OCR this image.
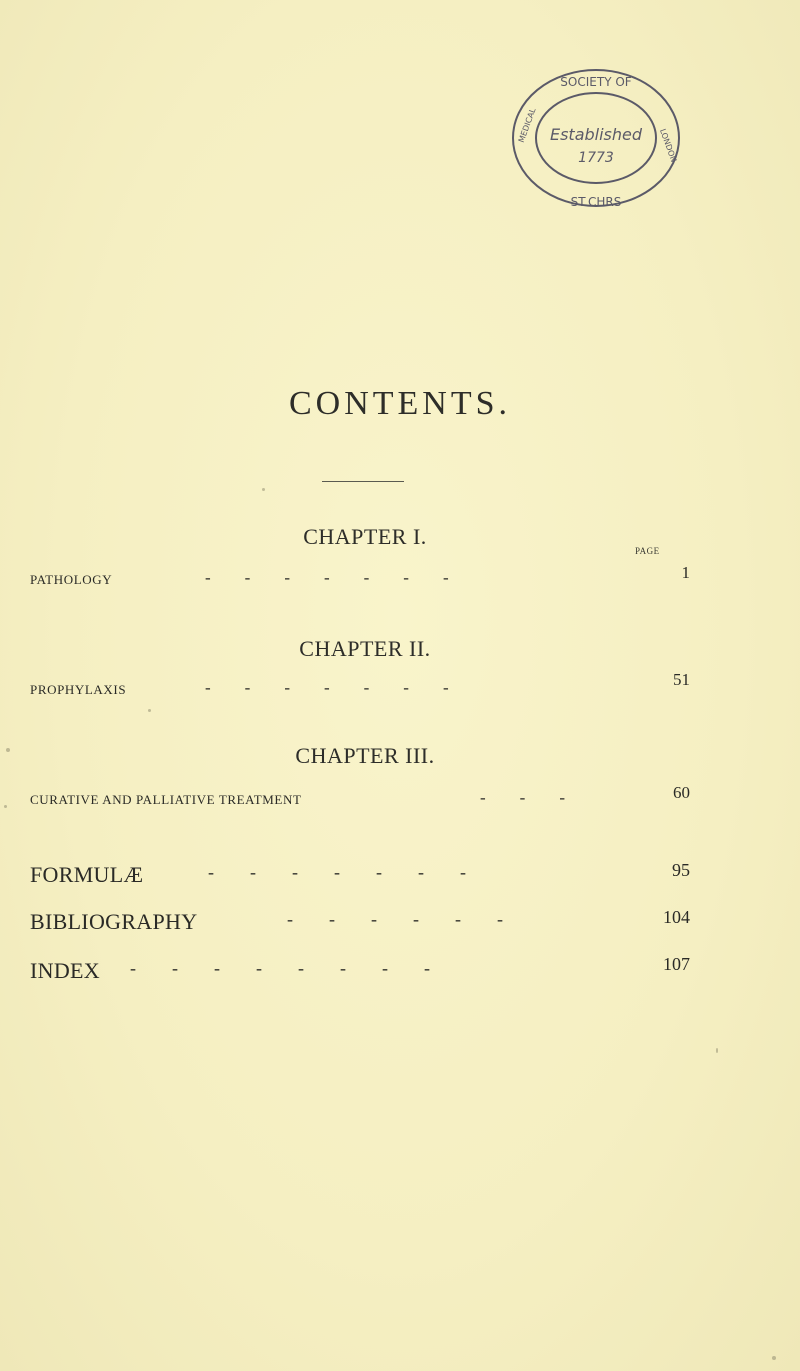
SOCIETY OF
ST.CHRS
MEDICAL
LONDON
Established
1773
CONTENTS.
PAGE
CHAPTER I.
PATHOLOGY	-        -        -        -        -        -        -	1
CHAPTER II.
PROPHYLAXIS	-        -        -        -        -        -        -	51
CHAPTER III.
CURATIVE AND PALLIATIVE TREATMENT	-        -        -	60
FORMULÆ	-        -        -        -        -        -        -	95
BIBLIOGRAPHY	-        -        -        -        -        -	104
INDEX -        -        -        -        -        -        -        -	107
